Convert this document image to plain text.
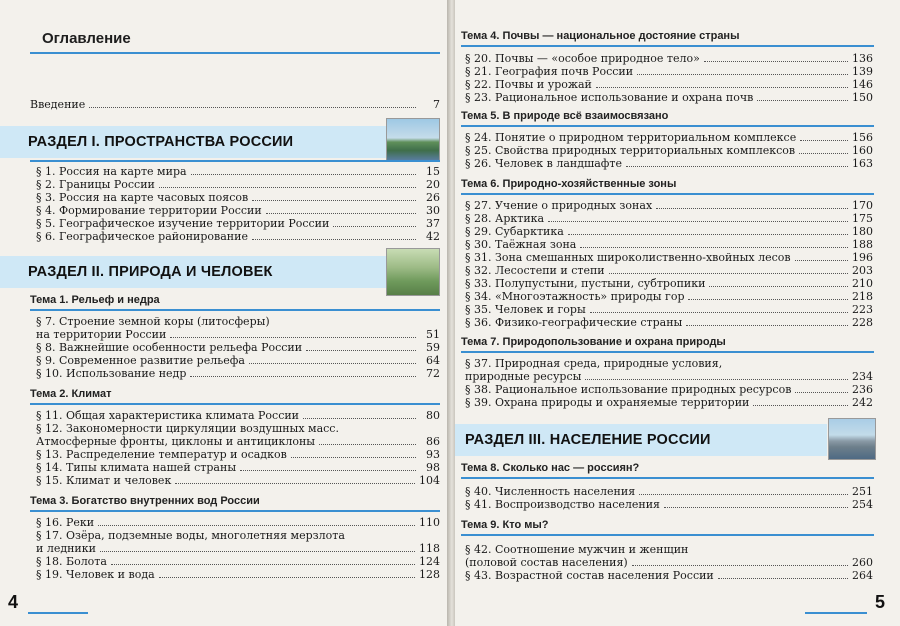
Оглавление
Введение	7
РАЗДЕЛ I. ПРОСТРАНСТВА РОССИИ
§ 1. Россия на карте мира	15
§ 2. Границы России	20
§ 3. Россия на карте часовых поясов	26
§ 4. Формирование территории России	30
§ 5. Географическое изучение территории России	37
§ 6. Географическое районирование	42
РАЗДЕЛ II. ПРИРОДА И ЧЕЛОВЕК
Тема 1. Рельеф и недра
§ 7. Строение земной коры (литосферы)
на территории России	51
§ 8. Важнейшие особенности рельефа России	59
§ 9. Современное развитие рельефа	64
§ 10. Использование недр	72
Тема 2. Климат
§ 11. Общая характеристика климата России	80
§ 12. Закономерности циркуляции воздушных масс.
Атмосферные фронты, циклоны и антициклоны	86
§ 13. Распределение температур и осадков	93
§ 14. Типы климата нашей страны	98
§ 15. Климат и человек	104
Тема 3. Богатство внутренних вод России
§ 16. Реки	110
§ 17. Озёра, подземные воды, многолетняя мерзлота
и ледники	118
§ 18. Болота	124
§ 19. Человек и вода	128
4
Тема 4. Почвы — национальное достояние страны
§ 20. Почвы — «особое природное тело»	136
§ 21. География почв России	139
§ 22. Почвы и урожай	146
§ 23. Рациональное использование и охрана почв	150
Тема 5. В природе всё взаимосвязано
§ 24. Понятие о природном территориальном комплексе	156
§ 25. Свойства природных территориальных комплексов	160
§ 26. Человек в ландшафте	163
Тема 6. Природно-хозяйственные зоны
§ 27. Учение о природных зонах	170
§ 28. Арктика	175
§ 29. Субарктика	180
§ 30. Таёжная зона	188
§ 31. Зона смешанных широколиственно-хвойных лесов	196
§ 32. Лесостепи и степи	203
§ 33. Полупустыни, пустыни, субтропики	210
§ 34. «Многоэтажность» природы гор	218
§ 35. Человек и горы	223
§ 36. Физико-географические страны	228
Тема 7. Природопользование и охрана природы
§ 37. Природная среда, природные условия,
природные ресурсы	234
§ 38. Рациональное использование природных ресурсов	236
§ 39. Охрана природы и охраняемые территории	242
РАЗДЕЛ III. НАСЕЛЕНИЕ РОССИИ
Тема 8. Сколько нас — россиян?
§ 40. Численность населения	251
§ 41. Воспроизводство населения	254
Тема 9. Кто мы?
§ 42. Соотношение мужчин и женщин
(половой состав населения)	260
§ 43. Возрастной состав населения России	264
5
